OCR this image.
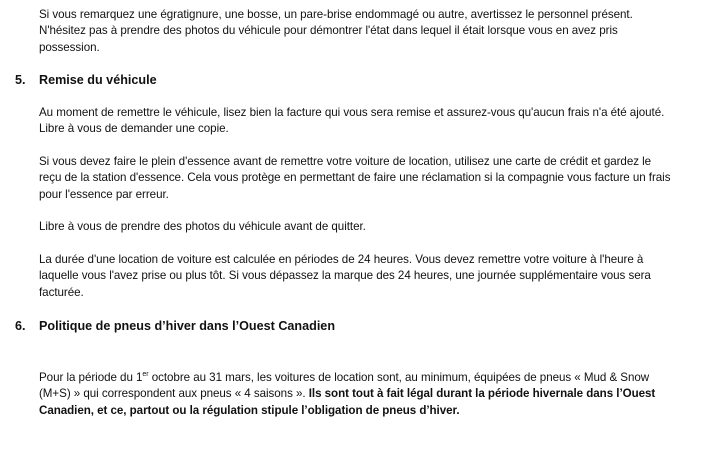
Si vous remarquez une égratignure, une bosse, un pare-brise endommagé ou autre, avertissez le personnel présent.
N'hésitez pas à prendre des photos du véhicule pour démontrer l'état dans lequel il était lorsque vous en avez pris
possession.
5. Remise du véhicule
Au moment de remettre le véhicule, lisez bien la facture qui vous sera remise et assurez-vous qu'aucun frais n'a été ajouté. Libre à vous de demander une copie.
Si vous devez faire le plein d'essence avant de remettre votre voiture de location, utilisez une carte de crédit et gardez le reçu de la station d'essence. Cela vous protège en permettant de faire une réclamation si la compagnie vous facture un frais pour l'essence par erreur.
Libre à vous de prendre des photos du véhicule avant de quitter.
La durée d'une location de voiture est calculée en périodes de 24 heures. Vous devez remettre votre voiture à l'heure à laquelle vous l'avez prise ou plus tôt. Si vous dépassez la marque des 24 heures, une journée supplémentaire vous sera facturée.
6. Politique de pneus d’hiver dans l’Ouest Canadien
Pour la période du 1er octobre au 31 mars, les voitures de location sont, au minimum, équipées de pneus « Mud & Snow (M+S) » qui correspondent aux pneus « 4 saisons ». Ils sont tout à fait légal durant la période hivernale dans l’Ouest Canadien, et ce, partout ou la régulation stipule l’obligation de pneus d’hiver.
